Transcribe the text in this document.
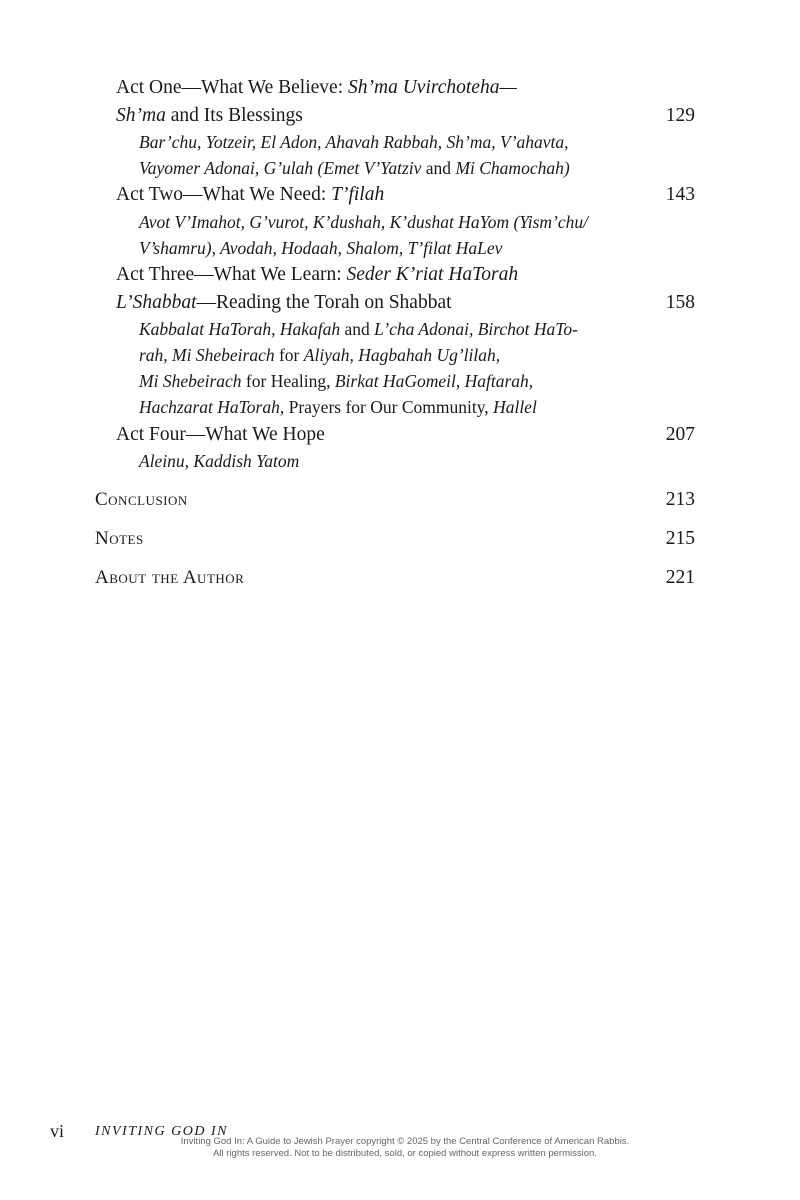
Act One—What We Believe: Sh’ma Uvirchoteha—
Sh’ma and Its Blessings	129
Bar’chu, Yotzeir, El Adon, Ahavah Rabbah, Sh’ma, V’ahavta,
Vayomer Adonai, G’ulah (Emet V’Yatziv and Mi Chamochah)
Act Two—What We Need: T’filah	143
Avot V’Imahot, G’vurot, K’dushah, K’dushat HaYom (Yism’chu/
V’shamru), Avodah, Hodaah, Shalom, T’filat HaLev
Act Three—What We Learn: Seder K’riat HaTorah
L’Shabbat—Reading the Torah on Shabbat	158
Kabbalat HaTorah, Hakafah and L’cha Adonai, Birchot HaTo-
rah, Mi Shebeirach for Aliyah, Hagbahah Ug’lilah,
Mi Shebeirach for Healing, Birkat HaGomeil, Haftarah,
Hachzarat HaTorah, Prayers for Our Community, Hallel
Act Four—What We Hope	207
Aleinu, Kaddish Yatom
Conclusion	213
Notes	215
About the Author	221
vi INVITING GOD IN
Inviting God In: A Guide to Jewish Prayer copyright © 2025 by the Central Conference of American Rabbis.
All rights reserved. Not to be distributed, sold, or copied without express written permission.
